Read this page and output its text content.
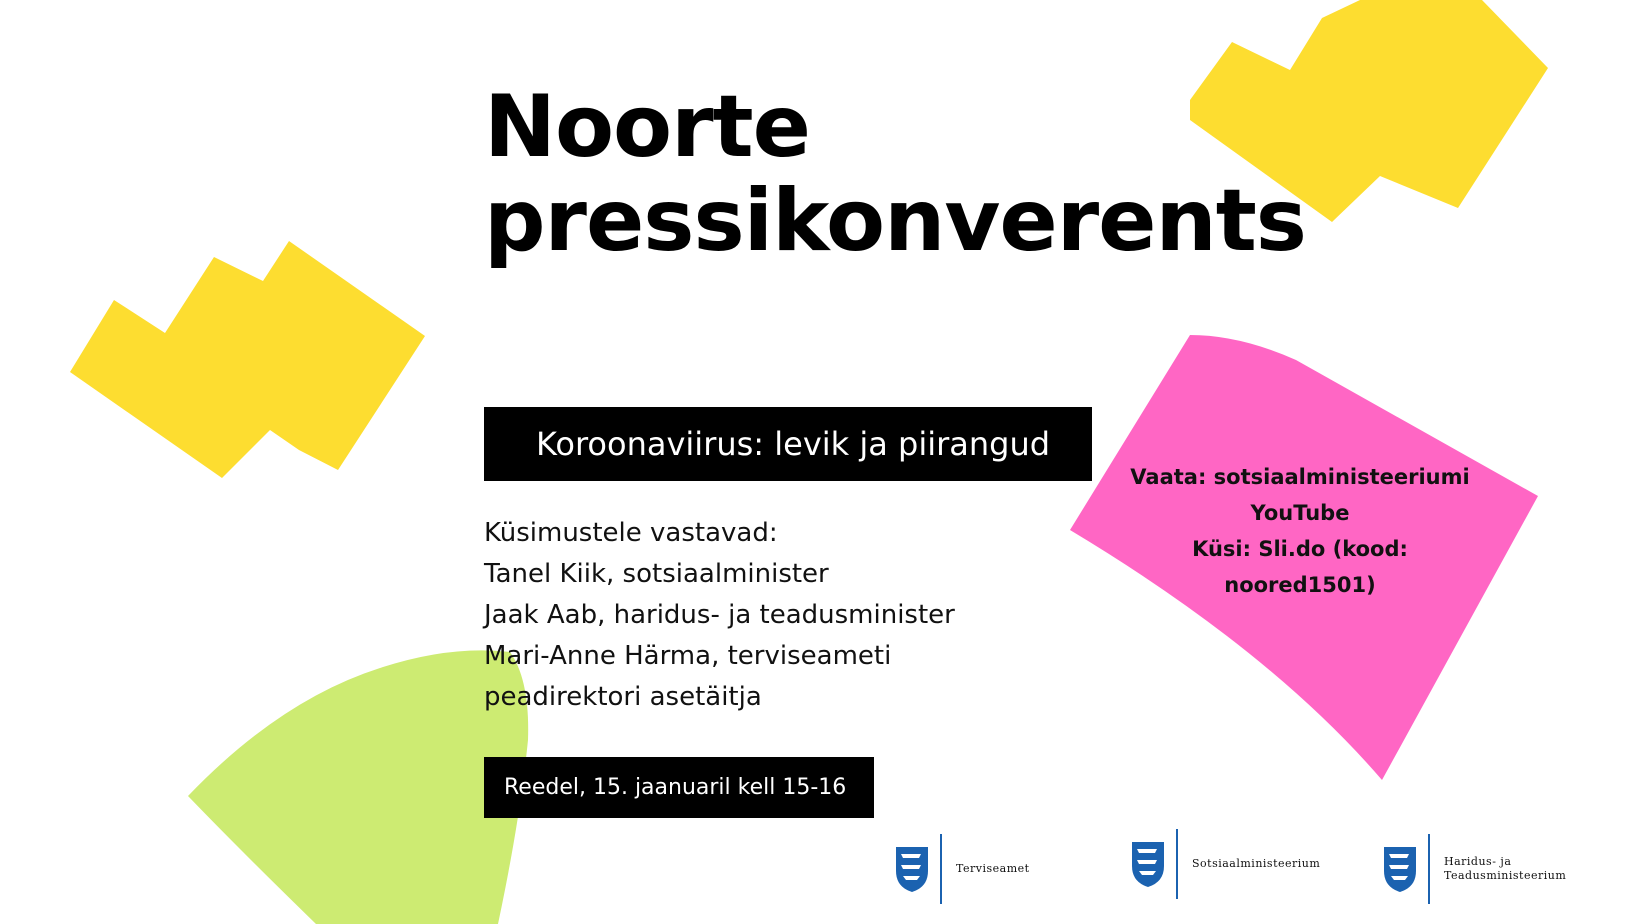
Noorte
pressikonverents
Koroonaviirus: levik ja piirangud
Küsimustele vastavad:
Tanel Kiik, sotsiaalminister
Jaak Aab, haridus- ja teadusminister
Mari-Anne Härma, terviseameti
peadirektori asetäitja
Reedel, 15. jaanuaril kell 15-16
Vaata: sotsiaalministeeriumi
YouTube
Küsi: Sli.do (kood:
noored1501)
Terviseamet	Sotsiaalministeerium	Haridus- ja
Teadusministeerium
